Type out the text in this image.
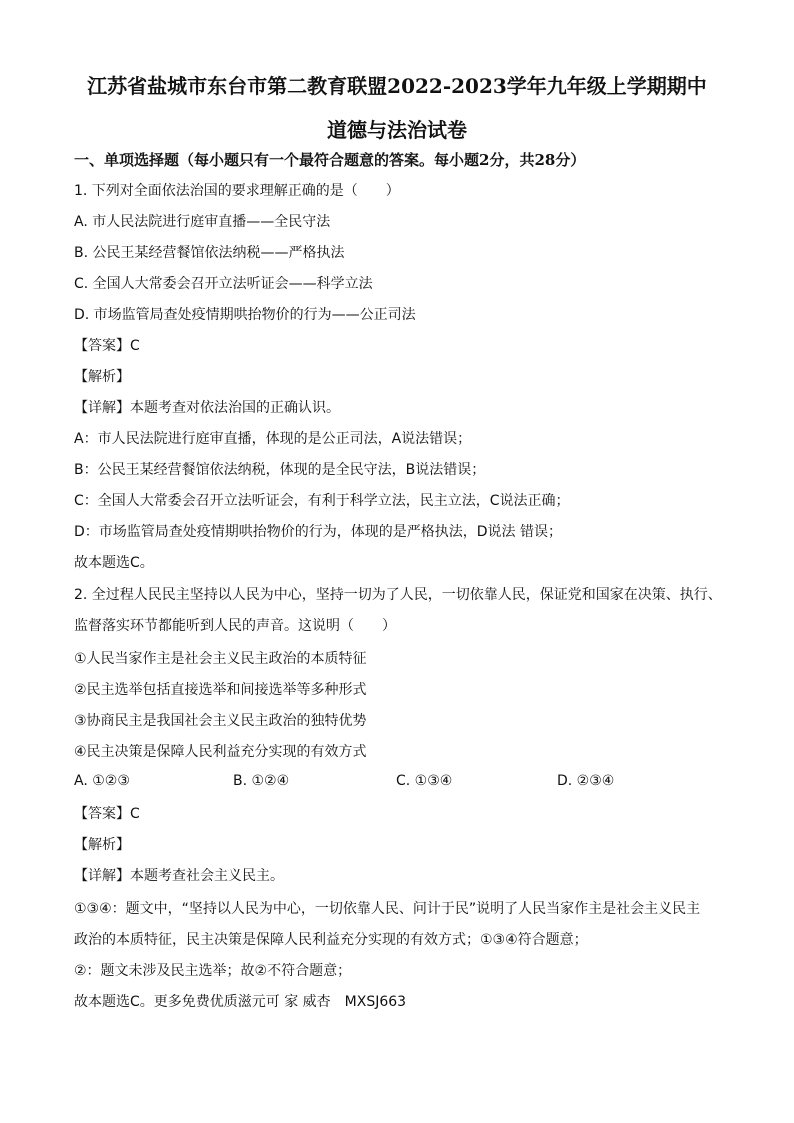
江苏省盐城市东台市第二教育联盟2022-2023学年九年级上学期期中
道德与法治试卷
一、单项选择题（每小题只有一个最符合题意的答案。每小题2分，共28分）
1. 下列对全面依法治国的要求理解正确的是（　　）
A. 市人民法院进行庭审直播——全民守法
B. 公民王某经营餐馆依法纳税——严格执法
C. 全国人大常委会召开立法听证会——科学立法
D. 市场监管局查处疫情期哄抬物价的行为——公正司法
【答案】C
【解析】
【详解】本题考查对依法治国的正确认识。
A：市人民法院进行庭审直播，体现的是公正司法，A说法错误；
B：公民王某经营餐馆依法纳税，体现的是全民守法，B说法错误；
C：全国人大常委会召开立法听证会，有利于科学立法，民主立法，C说法正确；
D：市场监管局查处疫情期哄抬物价的行为，体现的是严格执法，D说法 错误；
故本题选C。
2. 全过程人民民主坚持以人民为中心，坚持一切为了人民，一切依靠人民，保证党和国家在决策、执行、
监督落实环节都能听到人民的声音。这说明（　　）
①人民当家作主是社会主义民主政治的本质特征
②民主选举包括直接选举和间接选举等多种形式
③协商民主是我国社会主义民主政治的独特优势
④民主决策是保障人民利益充分实现的有效方式
A. ①②③	B. ①②④	C. ①③④	D. ②③④
【答案】C
【解析】
【详解】本题考查社会主义民主。
①③④：题文中，“坚持以人民为中心，一切依靠人民、问计于民”说明了人民当家作主是社会主义民主
政治的本质特征，民主决策是保障人民利益充分实现的有效方式；①③④符合题意；
②：题文未涉及民主选举；故②不符合题意；
故本题选C。更多免费优质滋元可 家 威杏　MXSJ663
